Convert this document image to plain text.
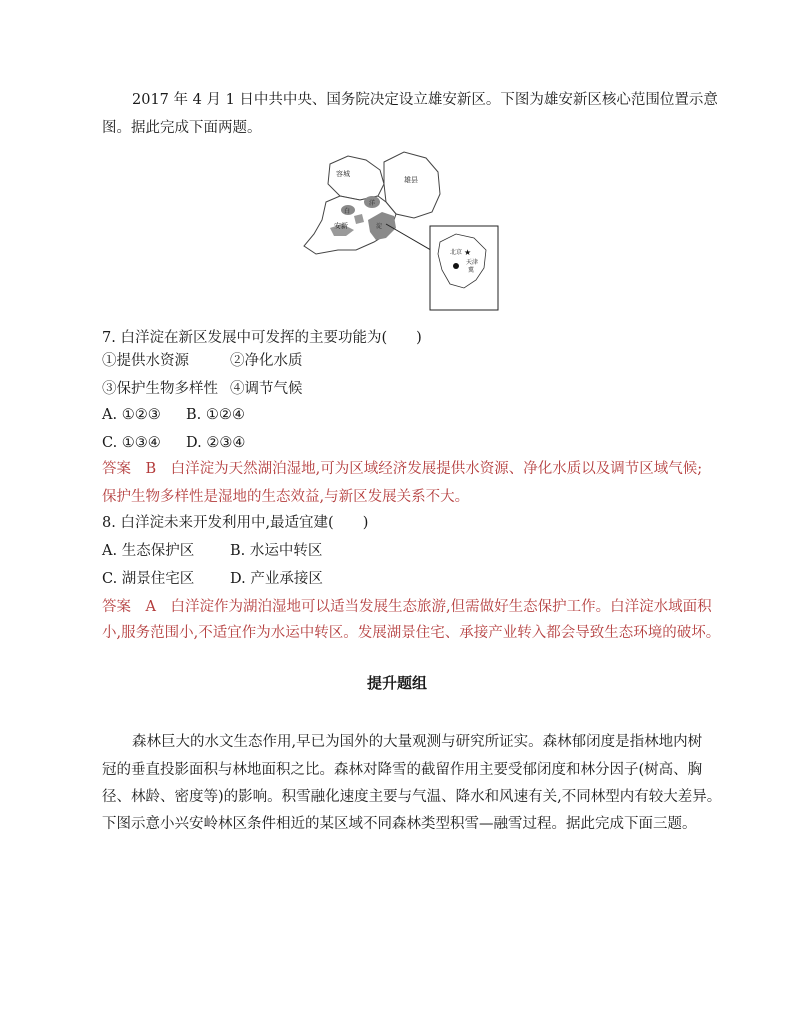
2017 年 4 月 1 日中共中央、国务院决定设立雄安新区。下图为雄安新区核心范围位置示意
图。据此完成下面两题。
容城
雄县
白
洋
淀
安新
北京 ★
天津
冀
7. 白洋淀在新区发展中可发挥的主要功能为(　　)
①提供水资源	②净化水质
③保护生物多样性 ④调节气候
A. ①②③ B. ①②④
C. ①③④ D. ②③④
答案　B　白洋淀为天然湖泊湿地,可为区域经济发展提供水资源、净化水质以及调节区域气候;
保护生物多样性是湿地的生态效益,与新区发展关系不大。
8. 白洋淀未来开发利用中,最适宜建(　　)
A. 生态保护区 B. 水运中转区
C. 湖景住宅区 D. 产业承接区
答案　A　白洋淀作为湖泊湿地可以适当发展生态旅游,但需做好生态保护工作。白洋淀水域面积
小,服务范围小,不适宜作为水运中转区。发展湖景住宅、承接产业转入都会导致生态环境的破坏。
提升题组
森林巨大的水文生态作用,早已为国外的大量观测与研究所证实。森林郁闭度是指林地内树
冠的垂直投影面积与林地面积之比。森林对降雪的截留作用主要受郁闭度和林分因子(树高、胸
径、林龄、密度等)的影响。积雪融化速度主要与气温、降水和风速有关,不同林型内有较大差异。
下图示意小兴安岭林区条件相近的某区域不同森林类型积雪—融雪过程。据此完成下面三题。
